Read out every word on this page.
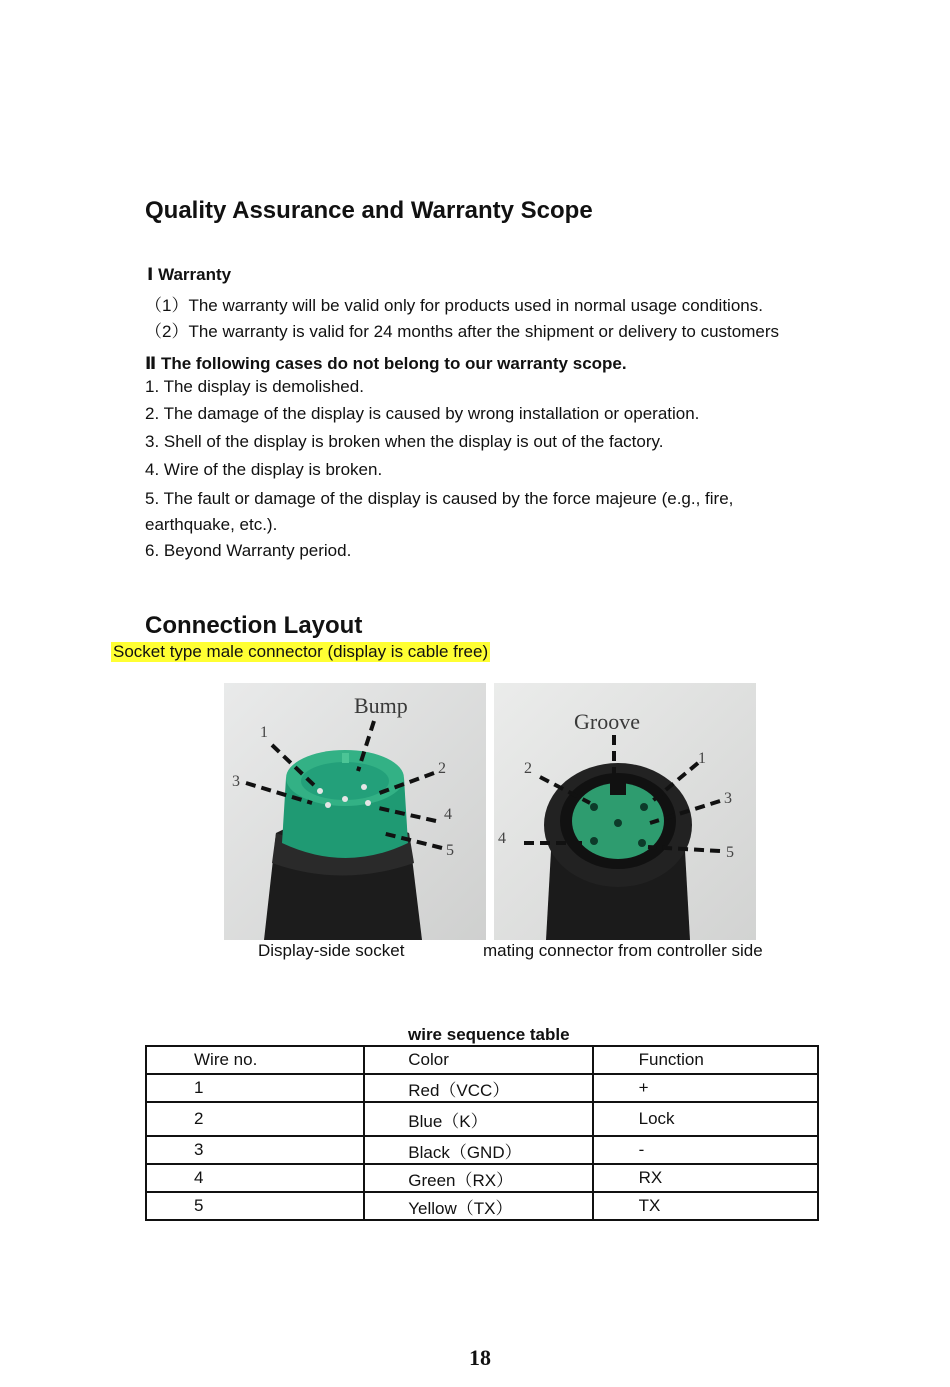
Quality Assurance and Warranty Scope
Ⅰ Warranty
（1）The warranty will be valid only for products used in normal usage conditions.
（2）The warranty is valid for 24 months after the shipment or delivery to customers
Ⅱ The following cases do not belong to our warranty scope.
1. The display is demolished.
2. The damage of the display is caused by wrong installation or operation.
3. Shell of the display is broken when the display is out of the factory.
4. Wire of the display is broken.
5. The fault or damage of the display is caused by the force majeure (e.g., fire,
earthquake, etc.).
6. Beyond Warranty period.
Connection Layout
Socket type male connector (display is cable free)
Bump
1
2
3
4
5
Groove
1
2
3
4
5
Display-side socket	mating connector from controller side
wire sequence table
Wire no.	Color	Function
1	Red（VCC）	+
2	Blue（K）	Lock
3	Black（GND）	-
4	Green（RX）	RX
5	Yellow（TX）	TX
18
